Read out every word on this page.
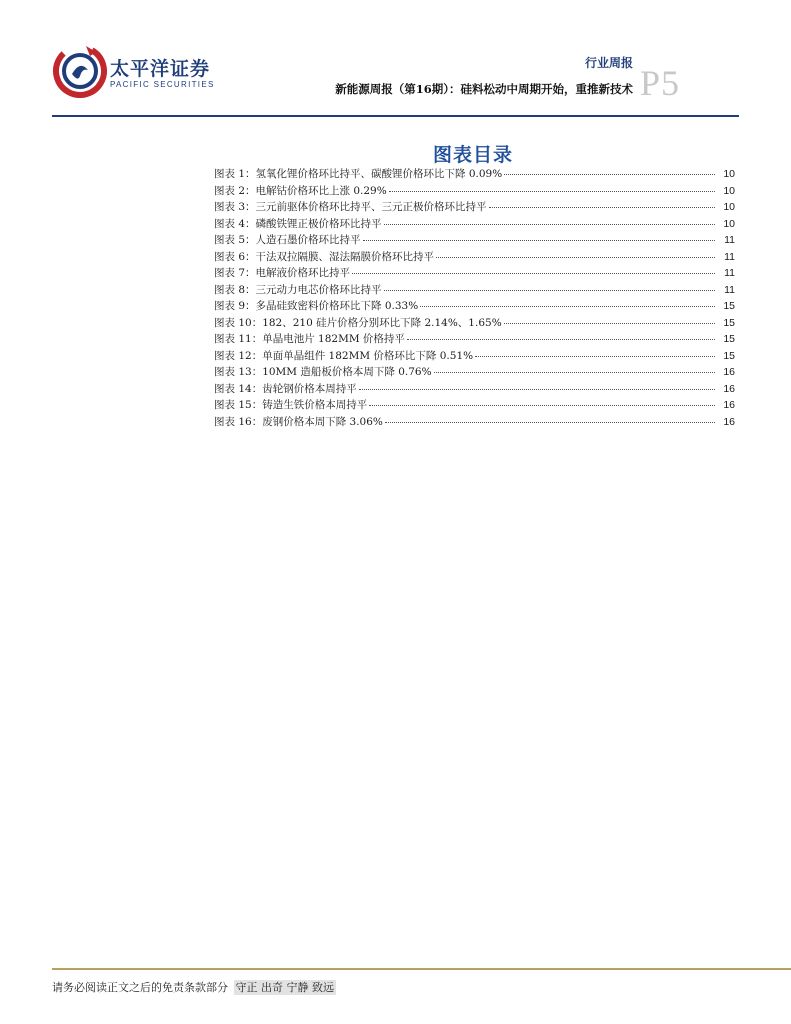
太平洋证券
PACIFIC SECURITIES
行业周报
新能源周报（第16期）：硅料松动中周期开始，重推新技术 P5
图表目录
图表 1：氢氧化锂价格环比持平、碳酸锂价格环比下降 0.09%	10
图表 2：电解钴价格环比上涨 0.29%	10
图表 3：三元前驱体价格环比持平、三元正极价格环比持平	10
图表 4：磷酸铁锂正极价格环比持平	10
图表 5：人造石墨价格环比持平	11
图表 6：干法双拉隔膜、湿法隔膜价格环比持平	11
图表 7：电解液价格环比持平	11
图表 8：三元动力电芯价格环比持平	11
图表 9：多晶硅致密料价格环比下降 0.33%	15
图表 10：182、210 硅片价格分别环比下降 2.14%、1.65%	15
图表 11：单晶电池片 182MM 价格持平	15
图表 12：单面单晶组件 182MM 价格环比下降 0.51%	15
图表 13：10MM 造船板价格本周下降 0.76%	16
图表 14：齿轮钢价格本周持平	16
图表 15：铸造生铁价格本周持平	16
图表 16：废钢价格本周下降 3.06%	16
请务必阅读正文之后的免责条款部分 守正 出奇 宁静 致远
